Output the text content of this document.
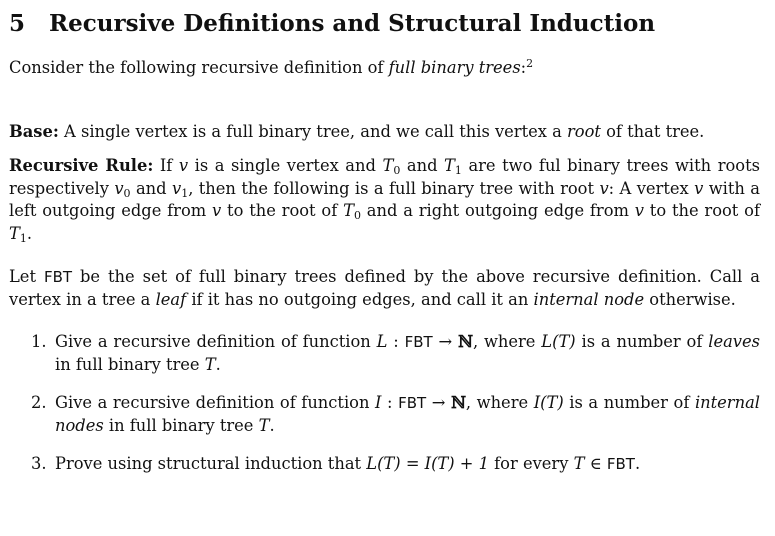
5 Recursive Definitions and Structural Induction

Consider the following recursive definition of full binary trees:$^2$

Base: A single vertex is a full binary tree, and we call this vertex a root of that tree.

Recursive Rule: If v is a single vertex and $T_0$ and $T_1$ are two ful binary trees with roots respectively $v_0$ and $v_1$, then the following is a full binary tree with root v: A vertex v with a left outgoing edge from v to the root of $T_0$ and a right outgoing edge from v to the root of $T_1$.

Let FBT be the set of full binary trees defined by the above recursive definition. Call a vertex in a tree a leaf if it has no outgoing edges, and call it an internal node otherwise.

1. Give a recursive definition of function L : FBT → ℕ, where L(T) is a number of leaves in full binary tree T.
2. Give a recursive definition of function I : FBT → ℕ, where I(T) is a number of internal nodes in full binary tree T.
3. Prove using structural induction that L(T) = I(T) + 1 for every T ∈ FBT.
